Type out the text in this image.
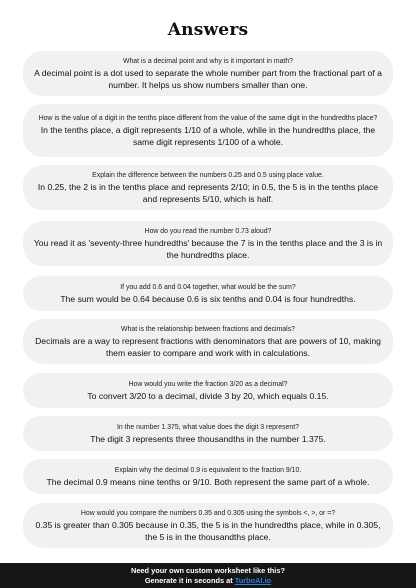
Answers
What is a decimal point and why is it important in math?
A decimal point is a dot used to separate the whole number part from the fractional part of a number. It helps us show numbers smaller than one.
How is the value of a digit in the tenths place different from the value of the same digit in the hundredths place?
In the tenths place, a digit represents 1/10 of a whole, while in the hundredths place, the same digit represents 1/100 of a whole.
Explain the difference between the numbers 0.25 and 0.5 using place value.
In 0.25, the 2 is in the tenths place and represents 2/10; in 0.5, the 5 is in the tenths place and represents 5/10, which is half.
How do you read the number 0.73 aloud?
You read it as 'seventy-three hundredths' because the 7 is in the tenths place and the 3 is in the hundredths place.
If you add 0.6 and 0.04 together, what would be the sum?
The sum would be 0.64 because 0.6 is six tenths and 0.04 is four hundredths.
What is the relationship between fractions and decimals?
Decimals are a way to represent fractions with denominators that are powers of 10, making them easier to compare and work with in calculations.
How would you write the fraction 3/20 as a decimal?
To convert 3/20 to a decimal, divide 3 by 20, which equals 0.15.
In the number 1.375, what value does the digit 3 represent?
The digit 3 represents three thousandths in the number 1.375.
Explain why the decimal 0.9 is equivalent to the fraction 9/10.
The decimal 0.9 means nine tenths or 9/10. Both represent the same part of a whole.
How would you compare the numbers 0.35 and 0.305 using the symbols <, >, or =?
0.35 is greater than 0.305 because in 0.35, the 5 is in the hundredths place, while in 0.305, the 5 is in the thousandths place.
Need your own custom worksheet like this?
Generate it in seconds at TurboAI.io
